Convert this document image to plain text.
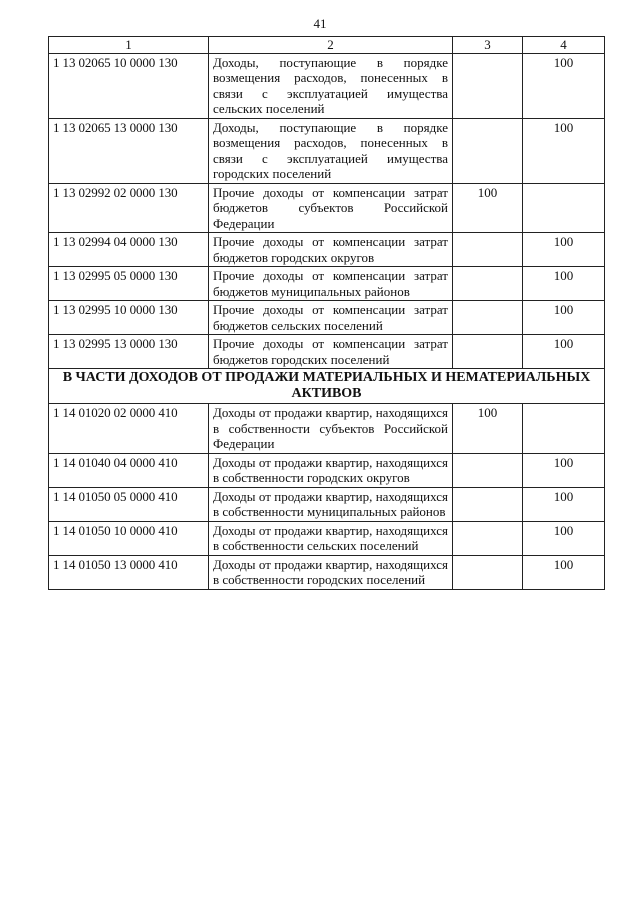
41
1	2	3	4
1 13 02065 10 0000 130	Доходы, поступающие в порядке возмещения расходов, понесенных в связи с эксплуатацией имущества сельских поселений		100
1 13 02065 13 0000 130	Доходы, поступающие в порядке возмещения расходов, понесенных в связи с эксплуатацией имущества городских поселений		100
1 13 02992 02 0000 130	Прочие доходы от компенсации затрат бюджетов субъектов Российской Федерации	100	
1 13 02994 04 0000 130	Прочие доходы от компенсации затрат бюджетов городских округов		100
1 13 02995 05 0000 130	Прочие доходы от компенсации затрат бюджетов муниципальных районов		100
1 13 02995 10 0000 130	Прочие доходы от компенсации затрат бюджетов сельских поселений		100
1 13 02995 13 0000 130	Прочие доходы от компенсации затрат бюджетов городских поселений		100
В ЧАСТИ ДОХОДОВ ОТ ПРОДАЖИ МАТЕРИАЛЬНЫХ И НЕМАТЕРИАЛЬНЫХ АКТИВОВ			
1 14 01020 02 0000 410	Доходы от продажи квартир, находящихся в собственности субъектов Российской Федерации	100	
1 14 01040 04 0000 410	Доходы от продажи квартир, находящихся в собственности городских округов		100
1 14 01050 05 0000 410	Доходы от продажи квартир, находящихся в собственности муниципальных районов		100
1 14 01050 10 0000 410	Доходы от продажи квартир, находящихся в собственности сельских поселений		100
1 14 01050 13 0000 410	Доходы от продажи квартир, находящихся в собственности городских поселений		100
